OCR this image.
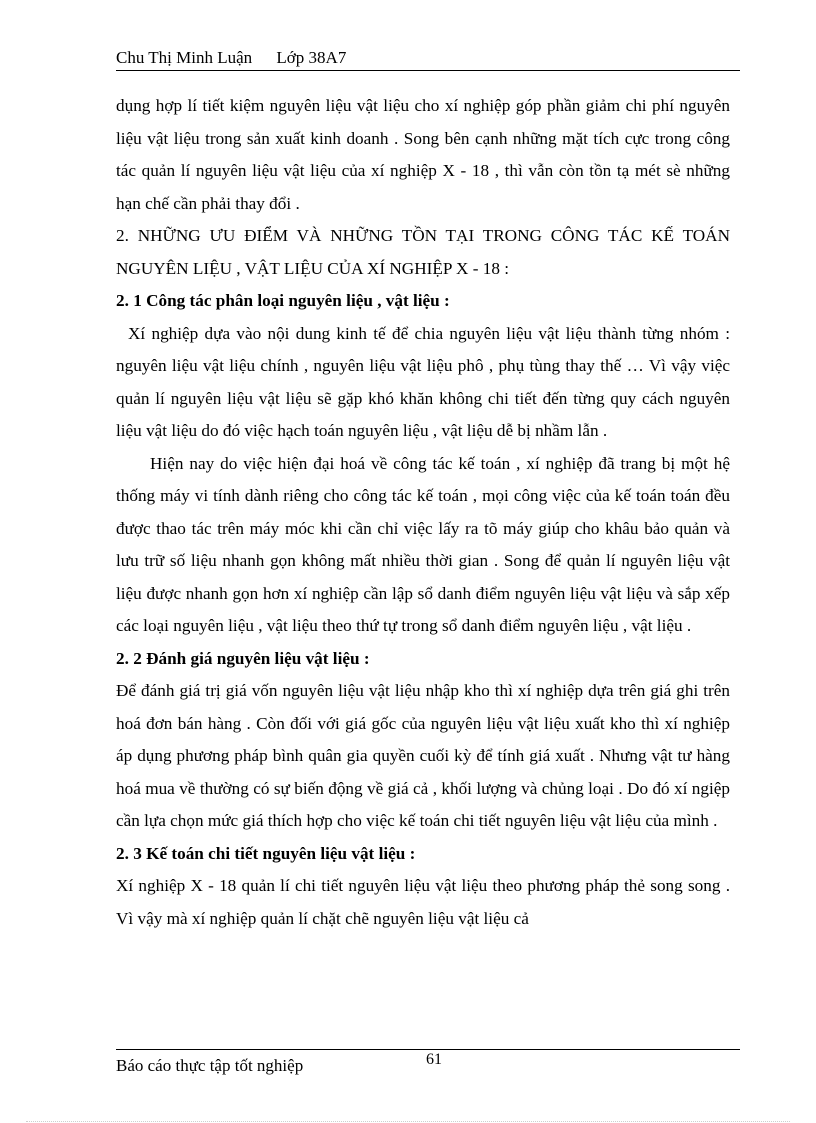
Chu Thị Minh Luận Lớp 38A7

dụng hợp lí tiết kiệm nguyên liệu vật liệu cho xí nghiệp góp phần giảm chi phí nguyên liệu vật liệu trong sản xuất kinh doanh . Song bên cạnh những mặt tích cực trong công tác quản lí nguyên liệu vật liệu của xí nghiệp X - 18 , thì vẫn còn tồn tạ mét sè những hạn chế cần phải thay đổi .

2. NHỮNG ƯU ĐIỂM VÀ NHỮNG TỒN TẠI TRONG CÔNG TÁC KẾ TOÁN NGUYÊN LIỆU , VẬT LIỆU CỦA XÍ NGHIỆP X - 18 :

2. 1 Công tác phân loại nguyên liệu , vật liệu :

Xí nghiệp dựa vào nội dung kinh tế để chia nguyên liệu vật liệu thành từng nhóm : nguyên liệu vật liệu chính , nguyên liệu vật liệu phô , phụ tùng thay thế … Vì vậy việc quản lí nguyên liệu vật liệu sẽ gặp khó khăn không chi tiết đến từng quy cách nguyên liệu vật liệu do đó việc hạch toán nguyên liệu , vật liệu dễ bị nhầm lẫn .

Hiện nay do việc hiện đại hoá về công tác kế toán , xí nghiệp đã trang bị một hệ thống máy vi tính dành riêng cho công tác kế toán , mọi công việc của kế toán toán đều được thao tác trên máy móc khi cần chỉ việc lấy ra tõ máy giúp cho khâu bảo quản và lưu trữ số liệu nhanh gọn không mất nhiều thời gian . Song để quản lí nguyên liệu vật liệu được nhanh gọn hơn xí nghiệp cần lập sổ danh điểm nguyên liệu vật liệu và sắp xếp các loại nguyên liệu , vật liệu theo thứ tự trong sổ danh điểm nguyên liệu , vật liệu .

2. 2 Đánh giá nguyên liệu vật liệu :

Để đánh giá trị giá vốn nguyên liệu vật liệu nhập kho thì xí nghiệp dựa trên giá ghi trên hoá đơn bán hàng . Còn đối với giá gốc của nguyên liệu vật liệu xuất kho thì xí nghiệp áp dụng phương pháp bình quân gia quyền cuối kỳ để tính giá xuất . Nhưng vật tư hàng hoá mua về thường có sự biến động về giá cả , khối lượng và chủng loại . Do đó xí ngiệp cần lựa chọn mức giá thích hợp cho việc kế toán chi tiết nguyên liệu vật liệu của mình .

2. 3 Kế toán chi tiết nguyên liệu vật liệu :

Xí nghiệp X - 18 quản lí chi tiết nguyên liệu vật liệu theo phương pháp thẻ song song . Vì vậy mà xí nghiệp quản lí chặt chẽ nguyên liệu vật liệu cả

Báo cáo thực tập tốt nghiệp	61
